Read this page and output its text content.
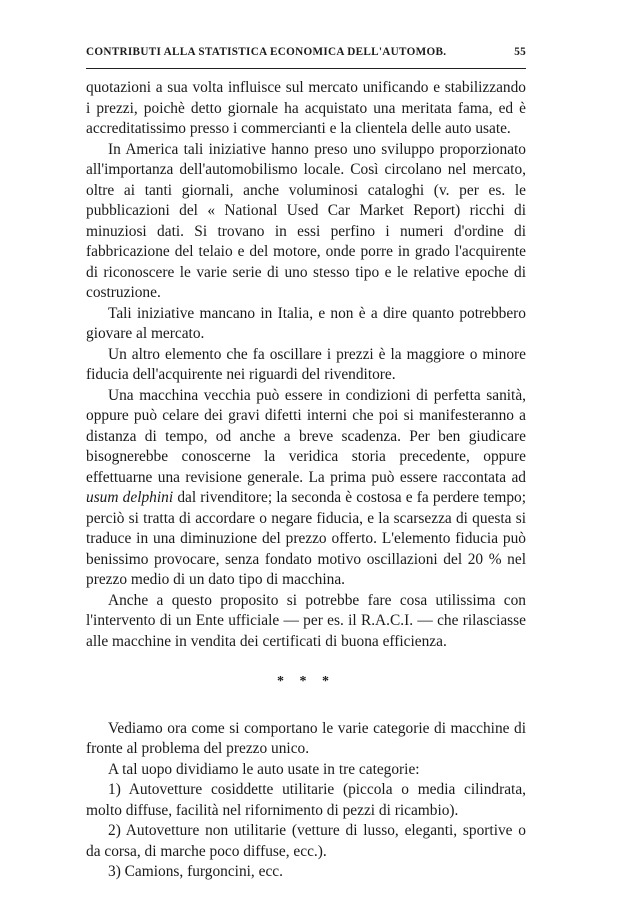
CONTRIBUTI ALLA STATISTICA ECONOMICA DELL'AUTOMOB.	55

quotazioni a sua volta influisce sul mercato unificando e stabilizzando i prezzi, poichè detto giornale ha acquistato una meritata fama, ed è accreditatissimo presso i commercianti e la clientela delle auto usate.

In America tali iniziative hanno preso uno sviluppo proporzionato all'importanza dell'automobilismo locale. Così circolano nel mercato, oltre ai tanti giornali, anche voluminosi cataloghi (v. per es. le pubblicazioni del « National Used Car Market Report) ricchi di minuziosi dati. Si trovano in essi perfino i numeri d'ordine di fabbricazione del telaio e del motore, onde porre in grado l'acquirente di riconoscere le varie serie di uno stesso tipo e le relative epoche di costruzione.

Tali iniziative mancano in Italia, e non è a dire quanto potrebbero giovare al mercato.

Un altro elemento che fa oscillare i prezzi è la maggiore o minore fiducia dell'acquirente nei riguardi del rivenditore.

Una macchina vecchia può essere in condizioni di perfetta sanità, oppure può celare dei gravi difetti interni che poi si manifesteranno a distanza di tempo, od anche a breve scadenza. Per ben giudicare bisognerebbe conoscerne la veridica storia precedente, oppure effettuarne una revisione generale. La prima può essere raccontata ad usum delphini dal rivenditore; la seconda è costosa e fa perdere tempo; perciò si tratta di accordare o negare fiducia, e la scarsezza di questa si traduce in una diminuzione del prezzo offerto. L'elemento fiducia può benissimo provocare, senza fondato motivo oscillazioni del 20 % nel prezzo medio di un dato tipo di macchina.

Anche a questo proposito si potrebbe fare cosa utilissima con l'intervento di un Ente ufficiale — per es. il R.A.C.I. — che rilasciasse alle macchine in vendita dei certificati di buona efficienza.

* * *

Vediamo ora come si comportano le varie categorie di macchine di fronte al problema del prezzo unico.

A tal uopo dividiamo le auto usate in tre categorie:

1) Autovetture cosiddette utilitarie (piccola o media cilindrata, molto diffuse, facilità nel rifornimento di pezzi di ricambio).

2) Autovetture non utilitarie (vetture di lusso, eleganti, sportive o da corsa, di marche poco diffuse, ecc.).

3) Camions, furgoncini, ecc.
